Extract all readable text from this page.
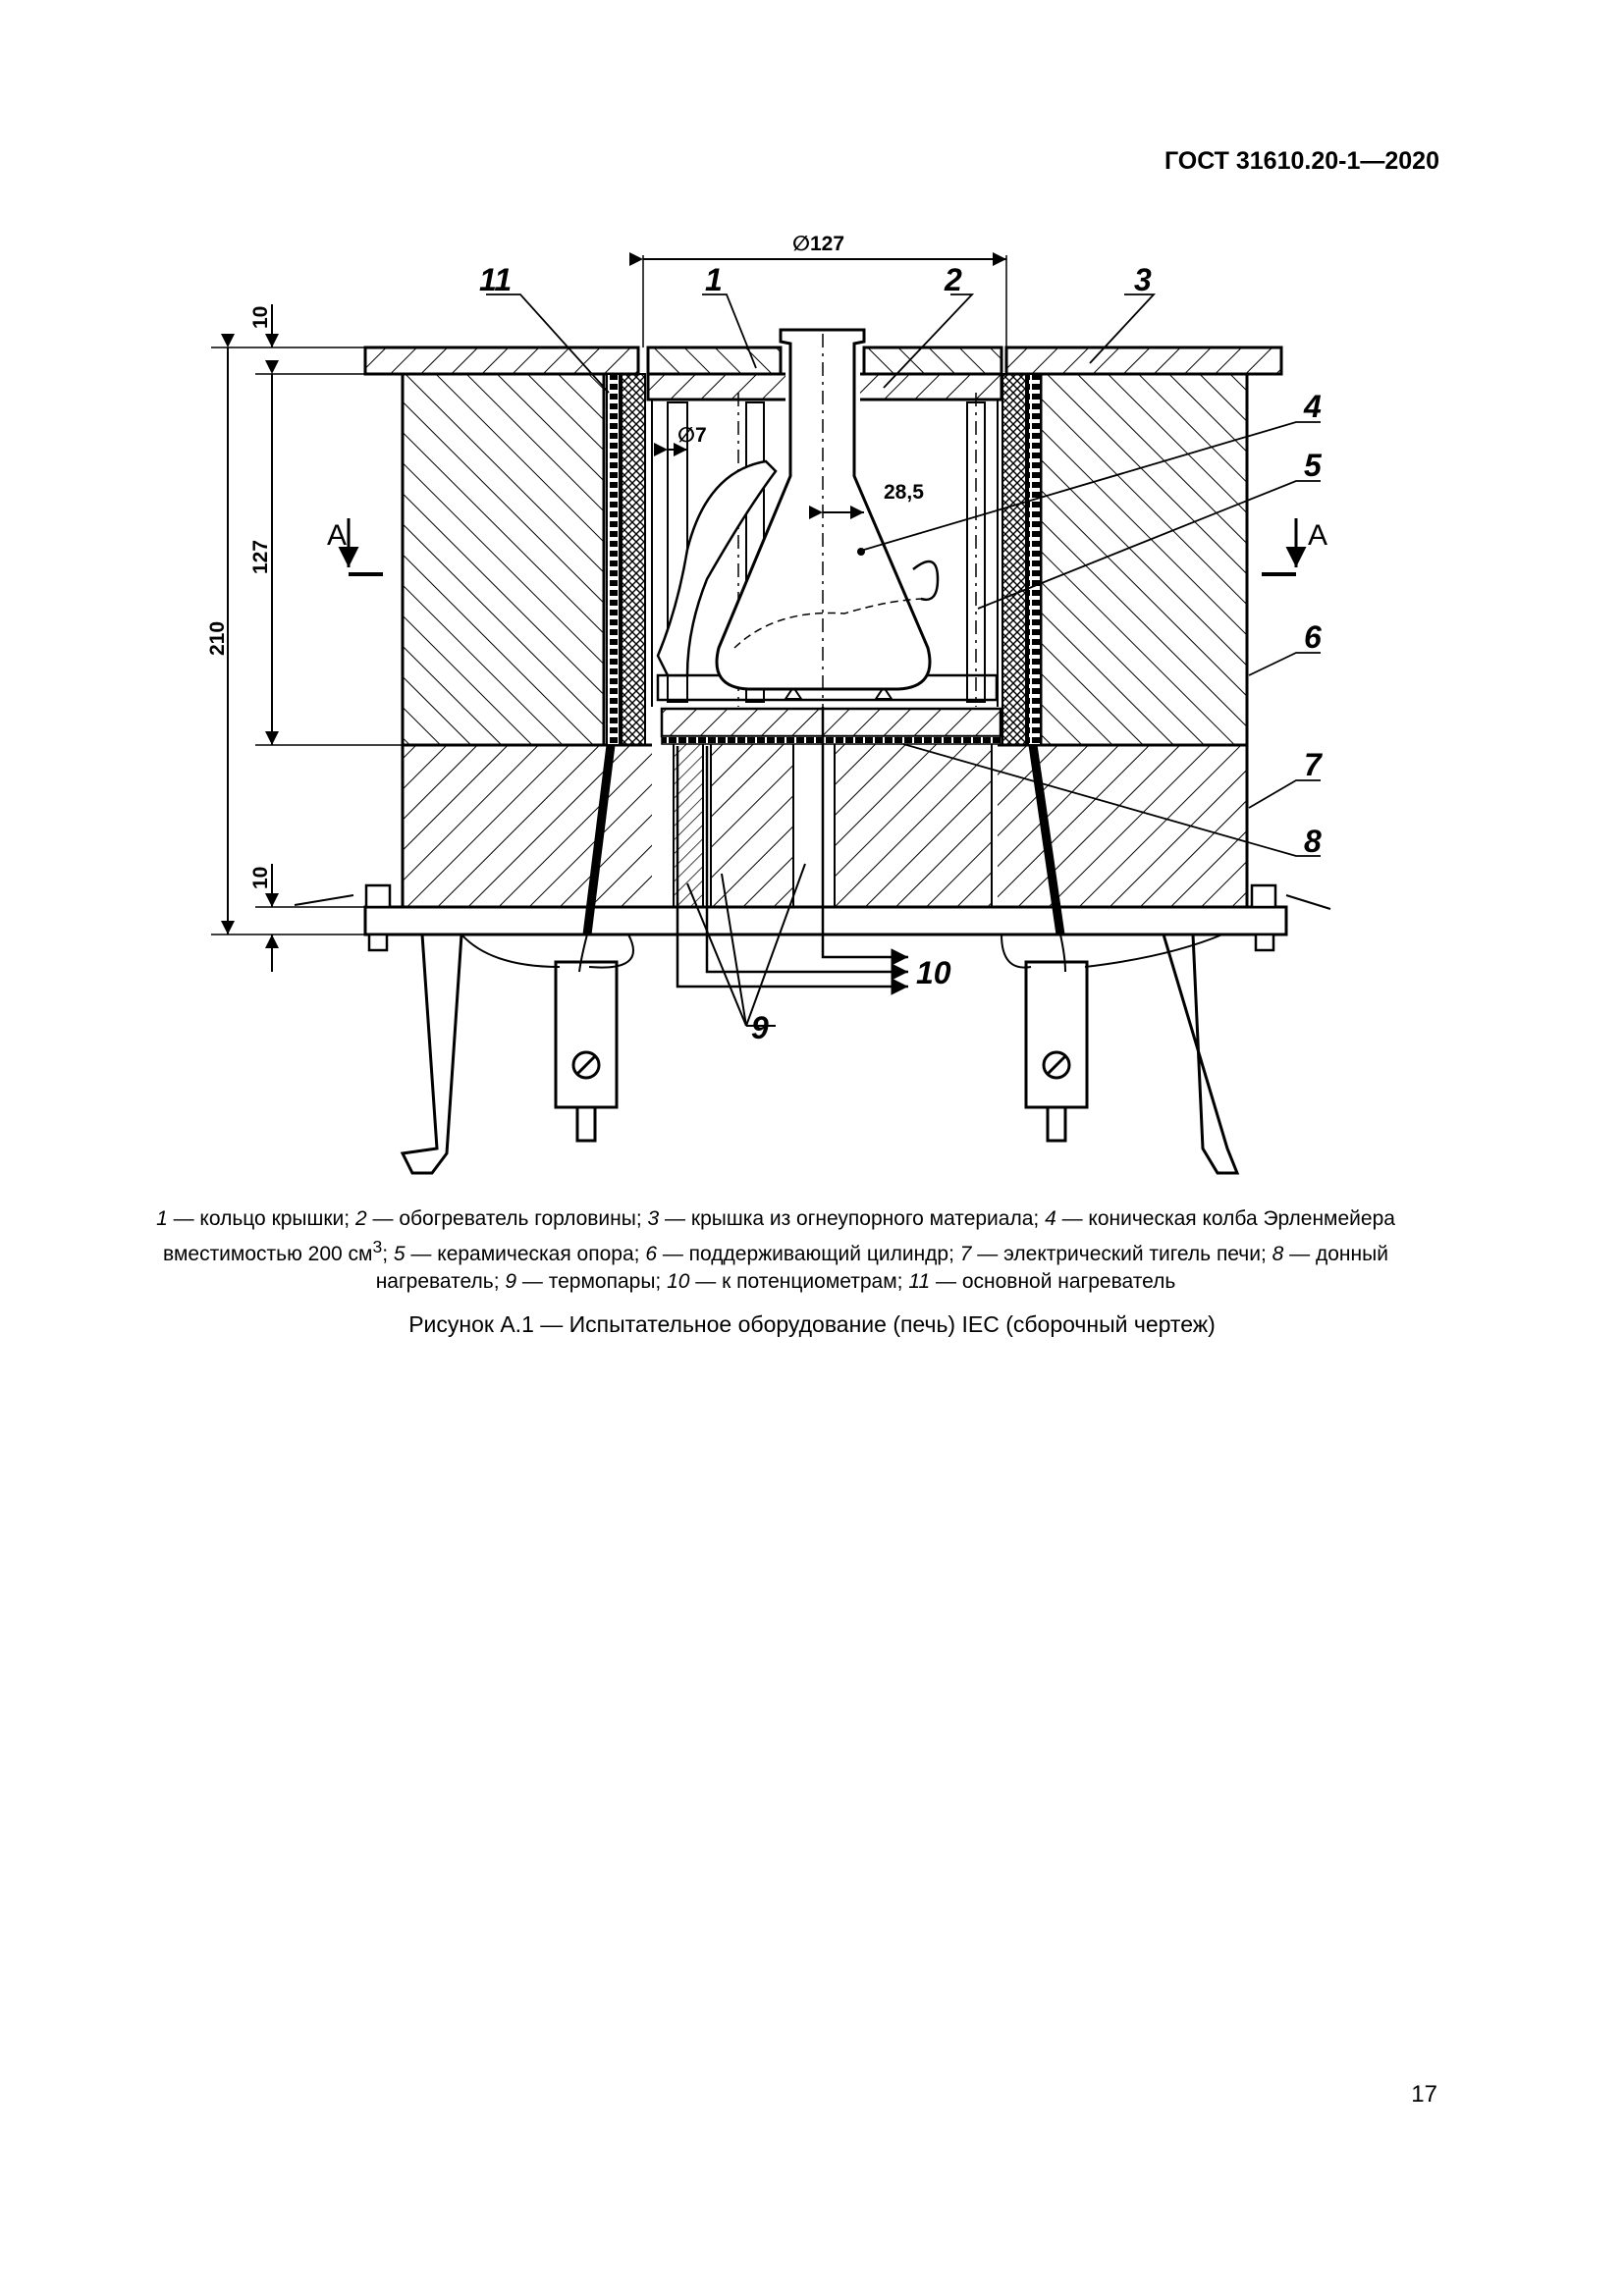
ГОСТ 31610.20-1—2020
A	A
∅127
∅7
28,5
210
127
10
10
11	1	2	3
4
5
6
7
8
9
10
1 — кольцо крышки; 2 — обогреватель горловины; 3 — крышка из огнеупорного материала; 4 — коническая колба Эрленмейера вместимостью 200 $см^3$; 5 — керамическая опора; 6 — поддерживающий цилиндр; 7 — электрический тигель печи; 8 — донный нагреватель; 9 — термопары; 10 — к потенциометрам; 11 — основной нагреватель
Рисунок А.1 — Испытательное оборудование (печь) IEC (сборочный чертеж)
17
